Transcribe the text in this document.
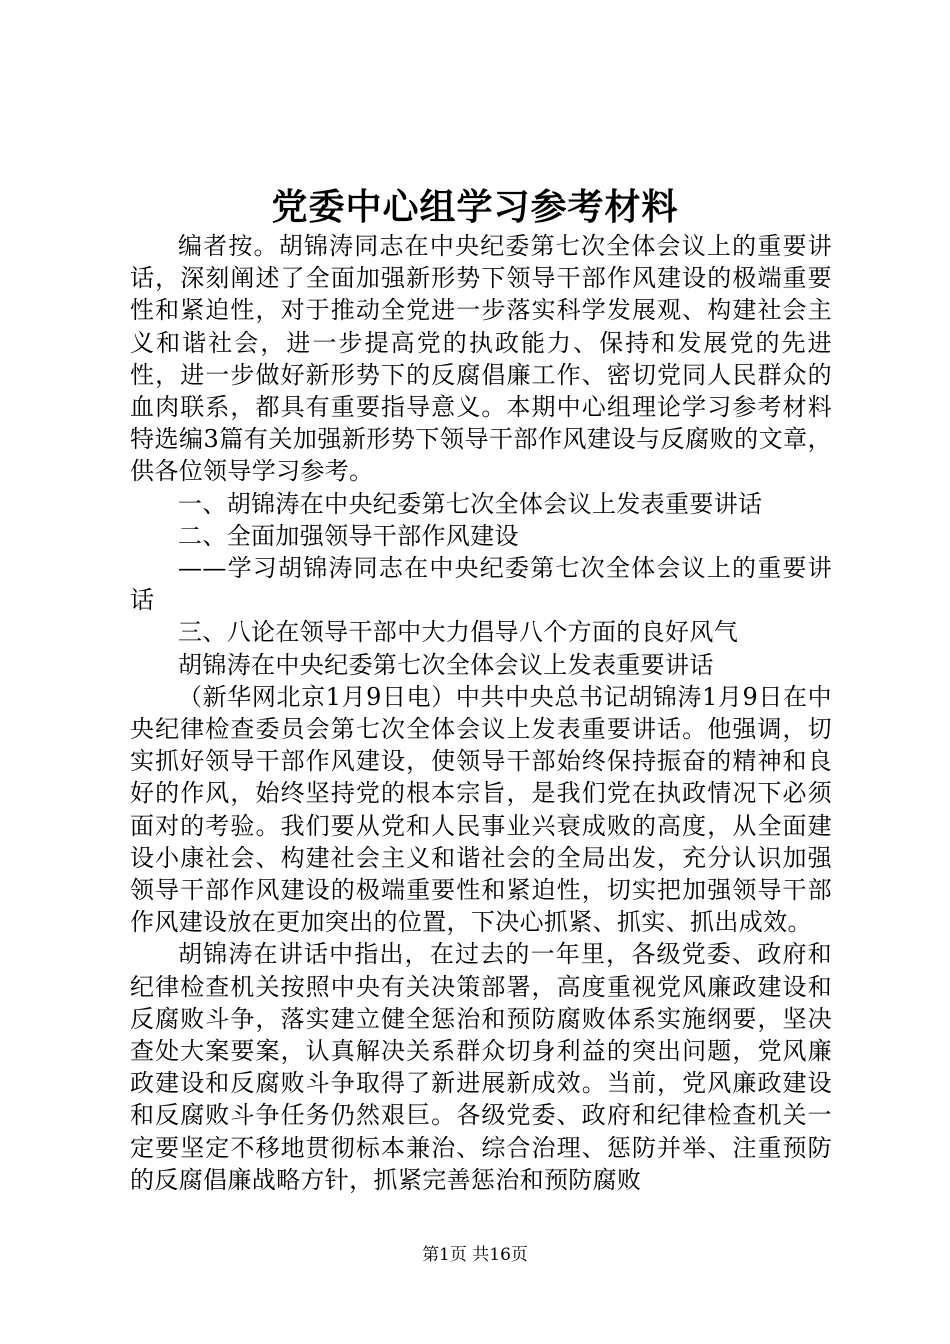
党委中心组学习参考材料

编者按。胡锦涛同志在中央纪委第七次全体会议上的重要讲话，深刻阐述了全面加强新形势下领导干部作风建设的极端重要性和紧迫性，对于推动全党进一步落实科学发展观、构建社会主义和谐社会，进一步提高党的执政能力、保持和发展党的先进性，进一步做好新形势下的反腐倡廉工作、密切党同人民群众的血肉联系，都具有重要指导意义。本期中心组理论学习参考材料特选编3篇有关加强新形势下领导干部作风建设与反腐败的文章，供各位领导学习参考。

一、胡锦涛在中央纪委第七次全体会议上发表重要讲话

二、全面加强领导干部作风建设

——学习胡锦涛同志在中央纪委第七次全体会议上的重要讲话

三、八论在领导干部中大力倡导八个方面的良好风气

胡锦涛在中央纪委第七次全体会议上发表重要讲话

（新华网北京1月9日电）中共中央总书记胡锦涛1月9日在中央纪律检查委员会第七次全体会议上发表重要讲话。他强调，切实抓好领导干部作风建设，使领导干部始终保持振奋的精神和良好的作风，始终坚持党的根本宗旨，是我们党在执政情况下必须面对的考验。我们要从党和人民事业兴衰成败的高度，从全面建设小康社会、构建社会主义和谐社会的全局出发，充分认识加强领导干部作风建设的极端重要性和紧迫性，切实把加强领导干部作风建设放在更加突出的位置，下决心抓紧、抓实、抓出成效。

胡锦涛在讲话中指出，在过去的一年里，各级党委、政府和纪律检查机关按照中央有关决策部署，高度重视党风廉政建设和反腐败斗争，落实建立健全惩治和预防腐败体系实施纲要，坚决查处大案要案，认真解决关系群众切身利益的突出问题，党风廉政建设和反腐败斗争取得了新进展新成效。当前，党风廉政建设和反腐败斗争任务仍然艰巨。各级党委、政府和纪律检查机关一定要坚定不移地贯彻标本兼治、综合治理、惩防并举、注重预防的反腐倡廉战略方针，抓紧完善惩治和预防腐败

第1页 共16页
